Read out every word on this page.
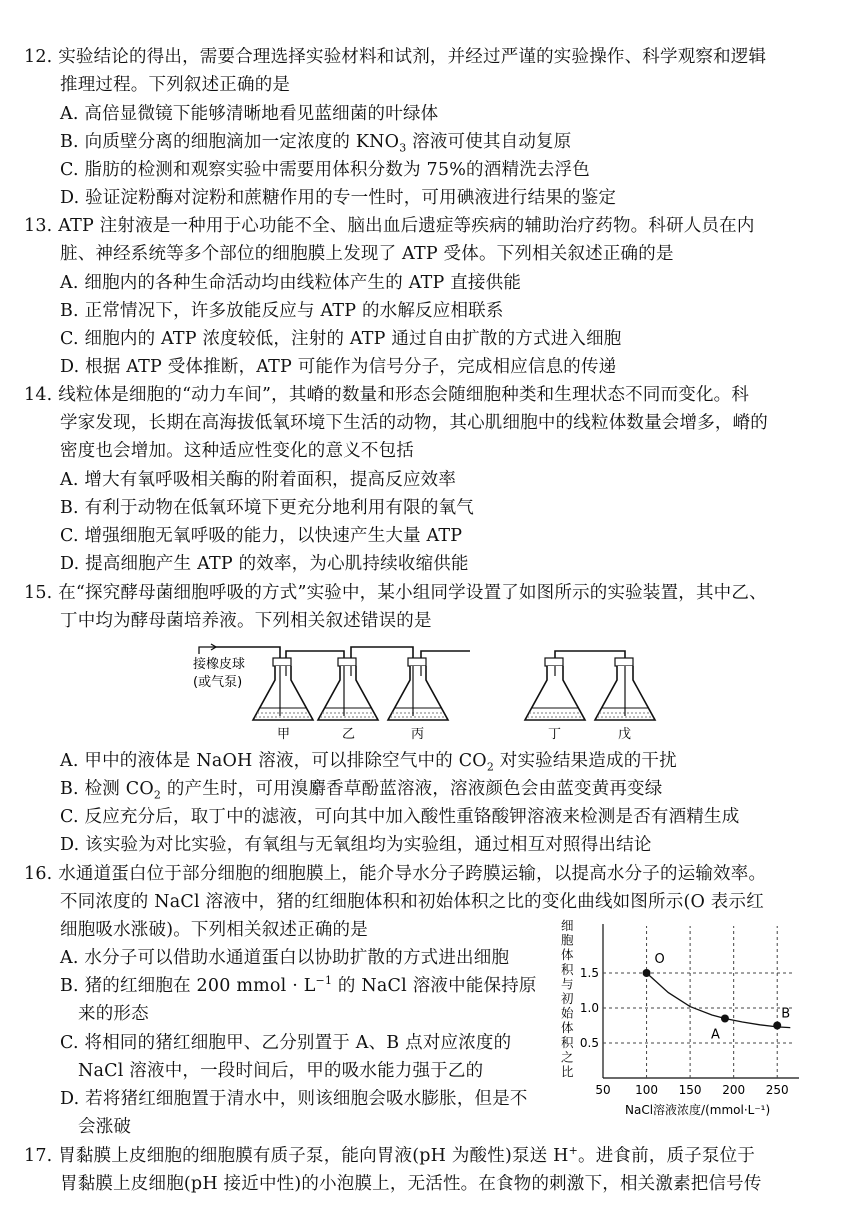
12. 实验结论的得出，需要合理选择实验材料和试剂，并经过严谨的实验操作、科学观察和逻辑
推理过程。下列叙述正确的是
A. 高倍显微镜下能够清晰地看见蓝细菌的叶绿体
B. 向质壁分离的细胞滴加一定浓度的 $KNO_3$ 溶液可使其自动复原
C. 脂肪的检测和观察实验中需要用体积分数为 75%的酒精洗去浮色
D. 验证淀粉酶对淀粉和蔗糖作用的专一性时，可用碘液进行结果的鉴定
13. ATP 注射液是一种用于心功能不全、脑出血后遗症等疾病的辅助治疗药物。科研人员在内
脏、神经系统等多个部位的细胞膜上发现了 ATP 受体。下列相关叙述正确的是
A. 细胞内的各种生命活动均由线粒体产生的 ATP 直接供能
B. 正常情况下，许多放能反应与 ATP 的水解反应相联系
C. 细胞内的 ATP 浓度较低，注射的 ATP 通过自由扩散的方式进入细胞
D. 根据 ATP 受体推断，ATP 可能作为信号分子，完成相应信息的传递
14. 线粒体是细胞的“动力车间”，其嵴的数量和形态会随细胞种类和生理状态不同而变化。科
学家发现，长期在高海拔低氧环境下生活的动物，其心肌细胞中的线粒体数量会增多，嵴的
密度也会增加。这种适应性变化的意义不包括
A. 增大有氧呼吸相关酶的附着面积，提高反应效率
B. 有利于动物在低氧环境下更充分地利用有限的氧气
C. 增强细胞无氧呼吸的能力，以快速产生大量 ATP
D. 提高细胞产生 ATP 的效率，为心肌持续收缩供能
15. 在“探究酵母菌细胞呼吸的方式”实验中，某小组同学设置了如图所示的实验装置，其中乙、
丁中均为酵母菌培养液。下列相关叙述错误的是
接橡皮球
(或气泵)
甲	乙	丙	丁	戊
A. 甲中的液体是 NaOH 溶液，可以排除空气中的 $CO_2$ 对实验结果造成的干扰
B. 检测 $CO_2$ 的产生时，可用溴麝香草酚蓝溶液，溶液颜色会由蓝变黄再变绿
C. 反应充分后，取丁中的滤液，可向其中加入酸性重铬酸钾溶液来检测是否有酒精生成
D. 该实验为对比实验，有氧组与无氧组均为实验组，通过相互对照得出结论
16. 水通道蛋白位于部分细胞的细胞膜上，能介导水分子跨膜运输，以提高水分子的运输效率。
不同浓度的 NaCl 溶液中，猪的红细胞体积和初始体积之比的变化曲线如图所示(O 表示红
细胞吸水涨破)。下列相关叙述正确的是
A. 水分子可以借助水通道蛋白以协助扩散的方式进出细胞
B. 猪的红细胞在 200 mmol · $L^{-1}$ 的 NaCl 溶液中能保持原
来的形态
C. 将相同的猪红细胞甲、乙分别置于 A、B 点对应浓度的
NaCl 溶液中，一段时间后，甲的吸水能力强于乙的
D. 若将猪红细胞置于清水中，则该细胞会吸水膨胀，但是不
会涨破
细胞体积与初始体积之比
0.5
1.0
1.5
50 100 150 200 250
O
A
B
NaCl溶液浓度/(mmol·L⁻¹)
17. 胃黏膜上皮细胞的细胞膜有质子泵，能向胃液(pH 为酸性)泵送 H+。进食前，质子泵位于
胃黏膜上皮细胞(pH 接近中性)的小泡膜上，无活性。在食物的刺激下，相关激素把信号传
